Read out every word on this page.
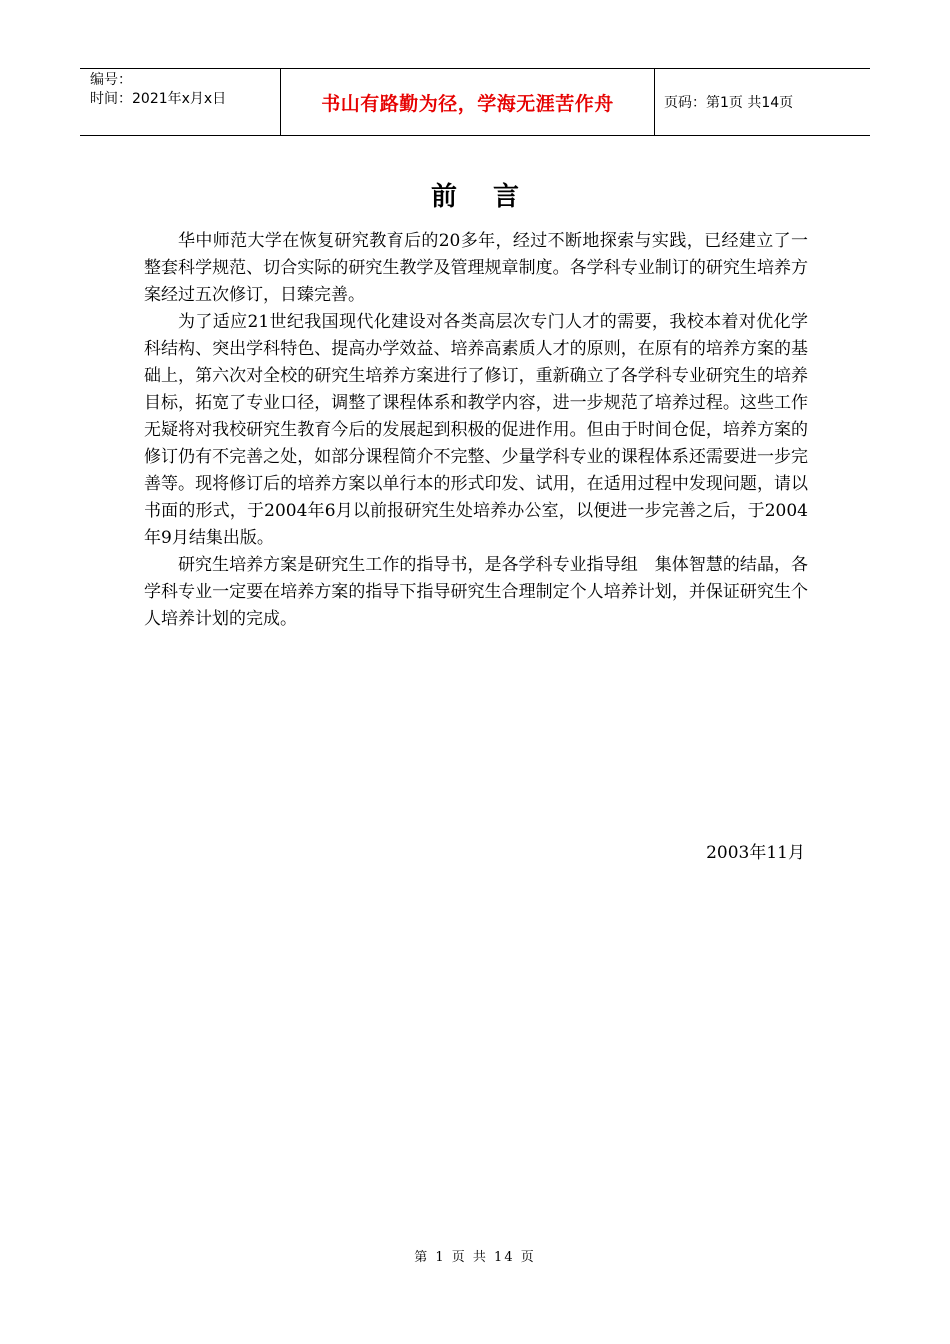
编号：
时间：2021年x月x日	书山有路勤为径，学海无涯苦作舟	页码：第1页 共14页
前言

华中师范大学在恢复研究教育后的20多年，经过不断地探索与实践，已经建立了一整套科学规范、切合实际的研究生教学及管理规章制度。各学科专业制订的研究生培养方案经过五次修订，日臻完善。

为了适应21世纪我国现代化建设对各类高层次专门人才的需要，我校本着对优化学科结构、突出学科特色、提高办学效益、培养高素质人才的原则，在原有的培养方案的基础上，第六次对全校的研究生培养方案进行了修订，重新确立了各学科专业研究生的培养目标，拓宽了专业口径，调整了课程体系和教学内容，进一步规范了培养过程。这些工作无疑将对我校研究生教育今后的发展起到积极的促进作用。但由于时间仓促，培养方案的修订仍有不完善之处，如部分课程简介不完整、少量学科专业的课程体系还需要进一步完善等。现将修订后的培养方案以单行本的形式印发、试用，在适用过程中发现问题，请以书面的形式，于2004年6月以前报研究生处培养办公室，以便进一步完善之后，于2004年9月结集出版。

研究生培养方案是研究生工作的指导书，是各学科专业指导组　集体智慧的结晶，各学科专业一定要在培养方案的指导下指导研究生合理制定个人培养计划，并保证研究生个人培养计划的完成。

2003年11月
第 1 页 共 14 页
